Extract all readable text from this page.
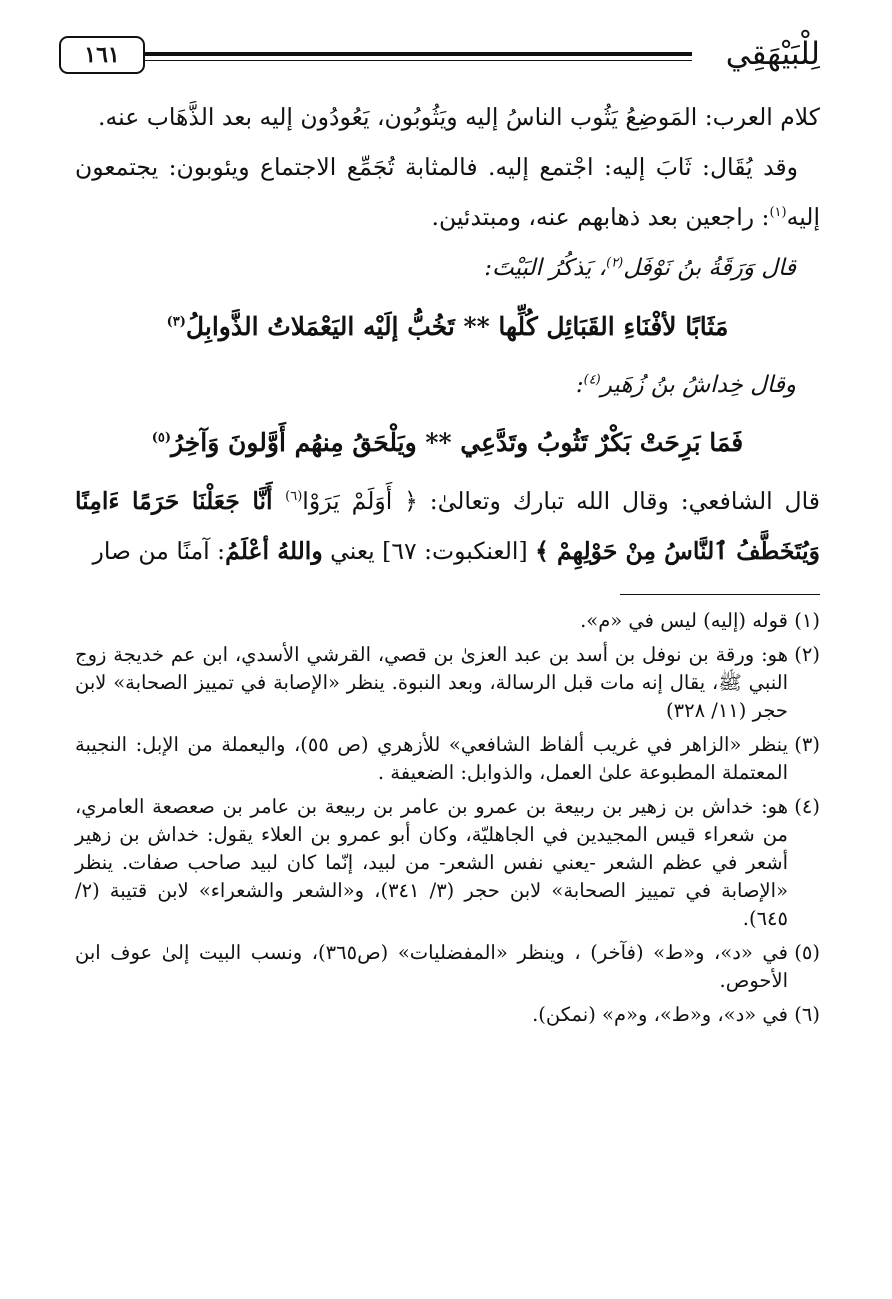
لِلْبَيْهَقِي
١٦١

كلام العرب: المَوضِعُ يَثُوب الناسُ إليه ويَثُوبُون، يَعُودُون إليه بعد الذَّهَاب عنه.

وقد يُقَال: ثَابَ إليه: اجْتمع إليه. فالمثابة تُجَمِّع الاجتماع ويئوبون: يجتمعون إليه$^{(١)}$: راجعين بعد ذهابهم عنه، ومبتدئين.

قال وَرَقَةُ بنُ نَوْفَل$^{(٢)}$، يَذكُرُ البَيْتَ:

مَثَابًا لأفْنَاءِ القَبَائِل كُلِّها ** تَخُبُّ إلَيْه اليَعْمَلاتُ الذَّوابِلُ$^{(٣)}$

وقال خِداشُ بنُ زُهَير$^{(٤)}$:

فَمَا بَرِحَتْ بَكْرٌ تَثُوبُ وتَدَّعِي ** ويَلْحَقُ مِنهُم أَوَّلونَ وَآخِرُ$^{(٥)}$

قال الشافعي: وقال الله تبارك وتعالىٰ: ﴿ أَوَلَمْ يَرَوْا$^{(٦)}$ أَنَّا جَعَلْنَا حَرَمًا ءَامِنًا وَيُتَخَطَّفُ ٱلنَّاسُ مِنْ حَوْلِهِمْ ﴾ [العنكبوت: ٦٧] يعني واللهُ أعْلَمُ: آمنًا من صار

(١)قوله (إليه) ليس في «م».

(٢)هو: ورقة بن نوفل بن أسد بن عبد العزىٰ بن قصي، القرشي الأسدي، ابن عم خديجة زوج النبي ﷺ، يقال إنه مات قبل الرسالة، وبعد النبوة. ينظر «الإصابة في تمييز الصحابة» لابن حجر (١١/ ٣٢٨)

(٣)ينظر «الزاهر في غريب ألفاظ الشافعي» للأزهري (ص ٥٥)، واليعملة من الإبل: النجيبة المعتملة المطبوعة علىٰ العمل، والذوابل: الضعيفة .

(٤)هو: خداش بن زهير بن ربيعة بن عمرو بن عامر بن ربيعة بن عامر بن صعصعة العامري، من شعراء قيس المجيدين في الجاهليّة، وكان أبو عمرو بن العلاء يقول: خداش بن زهير أشعر في عظم الشعر -يعني نفس الشعر- من لبيد، إنّما كان لبيد صاحب صفات. ينظر «الإصابة في تمييز الصحابة» لابن حجر (٣/ ٣٤١)، و«الشعر والشعراء» لابن قتيبة (٢/ ٦٤٥).

(٥)في «د»، و«ط» (فآخر) ، وينظر «المفضليات» (ص٣٦٥)، ونسب البيت إلىٰ عوف ابن الأحوص.

(٦)في «د»، و«ط»، و«م» (نمكن).
